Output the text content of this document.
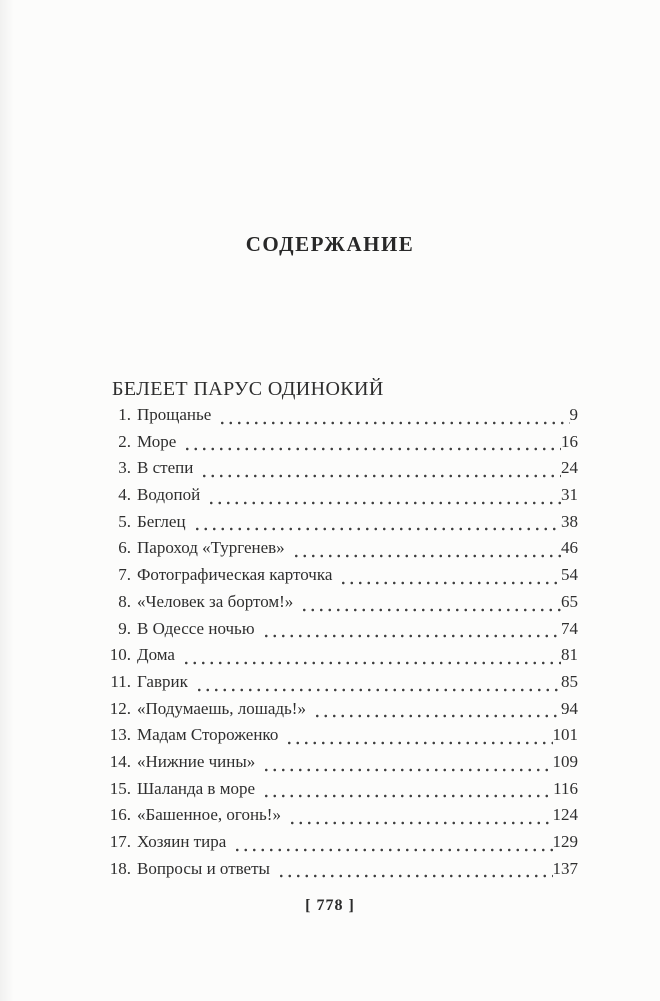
СОДЕРЖАНИЕ
БЕЛЕЕТ ПАРУС ОДИНОКИЙ
1. Прощанье	9
2. Море	16
3. В степи	24
4. Водопой	31
5. Беглец	38
6. Пароход «Тургенев»	46
7. Фотографическая карточка	54
8. «Человек за бортом!»	65
9. В Одессе ночью	74
10. Дома	81
11. Гаврик	85
12. «Подумаешь, лошадь!»	94
13. Мадам Стороженко	101
14. «Нижние чины»	109
15. Шаланда в море	116
16. «Башенное, огонь!»	124
17. Хозяин тира	129
18. Вопросы и ответы	137
[ 778 ]
